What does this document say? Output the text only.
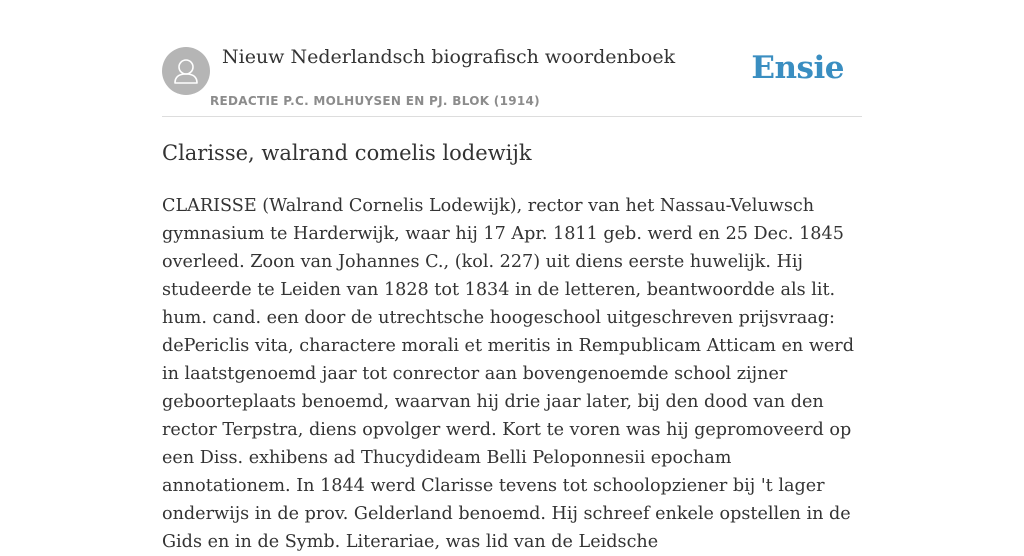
Nieuw Nederlandsch biografisch woordenboek
REDACTIE P.C. MOLHUYSEN EN PJ. BLOK (1914)
Ensie
Clarisse, walrand comelis lodewijk

CLARISSE (Walrand Cornelis Lodewijk), rector van het Nassau-Veluwsch gymnasium te Harderwijk, waar hij 17 Apr. 1811 geb. werd en 25 Dec. 1845 overleed. Zoon van Johannes C., (kol. 227) uit diens eerste huwelijk. Hij studeerde te Leiden van 1828 tot 1834 in de letteren, beantwoordde als lit. hum. cand. een door de utrechtsche hoogeschool uitgeschreven prijsvraag: dePericlis vita, charactere morali et meritis in Rempublicam Atticam en werd in laatstgenoemd jaar tot conrector aan bovengenoemde school zijner geboorteplaats benoemd, waarvan hij drie jaar later, bij den dood van den rector Terpstra, diens opvolger werd. Kort te voren was hij gepromoveerd op een Diss. exhibens ad Thucydideam Belli Peloponnesii epocham annotationem. In 1844 werd Clarisse tevens tot schoolopziener bij 't lager onderwijs in de prov. Gelderland benoemd. Hij schreef enkele opstellen in de Gids en in de Symb. Literariae, was lid van de Leidsche
